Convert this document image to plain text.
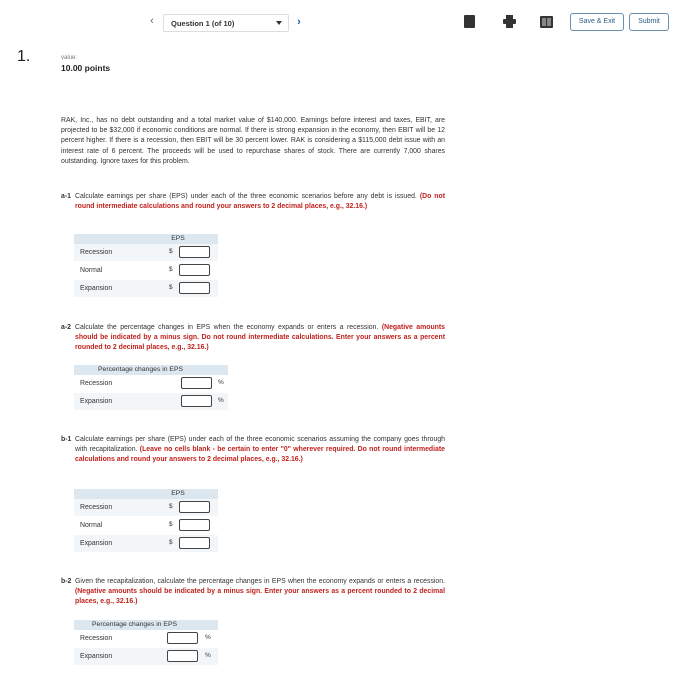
‹	Question 1 (of 10)	›	Save & Exit	Submit
1.	value:
10.00 points
RAK, Inc., has no debt outstanding and a total market value of $140,000. Earnings before interest and taxes, EBIT, are projected to be $32,000 if economic conditions are normal. If there is strong expansion in the economy, then EBIT will be 12 percent higher. If there is a recession, then EBIT will be 30 percent lower. RAK is considering a $115,000 debt issue with an interest rate of 6 percent. The proceeds will be used to repurchase shares of stock. There are currently 7,000 shares outstanding. Ignore taxes for this problem.
a-1 Calculate earnings per share (EPS) under each of the three economic scenarios before any debt is issued. (Do not round intermediate calculations and round your answers to 2 decimal places, e.g., 32.16.)
EPS
Recession	$
Normal	$
Expansion	$
a-2 Calculate the percentage changes in EPS when the economy expands or enters a recession. (Negative amounts should be indicated by a minus sign. Do not round intermediate calculations. Enter your answers as a percent rounded to 2 decimal places, e.g., 32.16.)
Percentage changes in EPS
Recession	%
Expansion	%
b-1 Calculate earnings per share (EPS) under each of the three economic scenarios assuming the company goes through with recapitalization. (Leave no cells blank - be certain to enter "0" wherever required. Do not round intermediate calculations and round your answers to 2 decimal places, e.g., 32.16.)
EPS
Recession	$
Normal	$
Expansion	$
b-2 Given the recapitalization, calculate the percentage changes in EPS when the economy expands or enters a recession. (Negative amounts should be indicated by a minus sign. Enter your answers as a percent rounded to 2 decimal places, e.g., 32.16.)
Percentage changes in EPS
Recession	%
Expansion	%
